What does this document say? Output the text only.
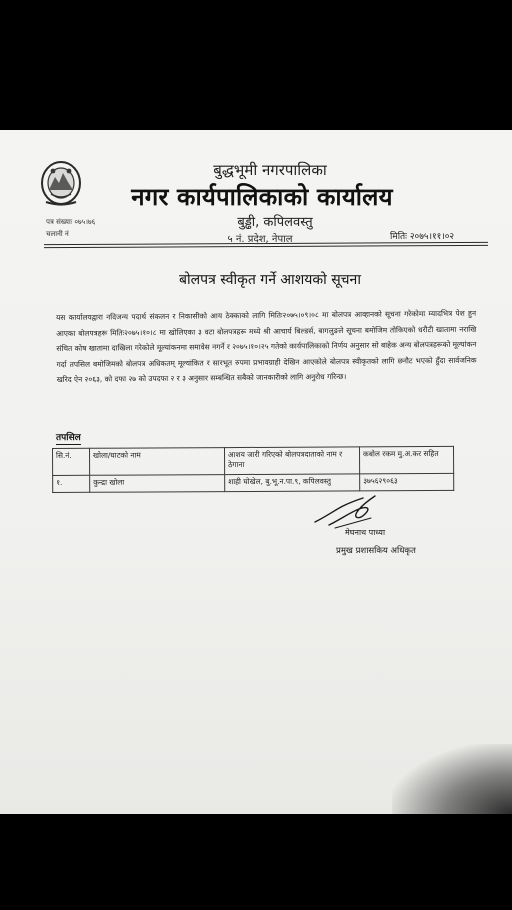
बुद्धभूमी नगरपालिका
नगर कार्यपालिकाको कार्यालय
बुड्ढी, कपिलवस्तु
५ नं. प्रदेश, नेपाल
पत्र संख्याः ०७५।७६
चलानी नं	मितिः २०७५।११।०२
बोलपत्र स्वीकृत गर्ने आशयको सूचना
यस कार्यालयद्वारा नदिजन्य पदार्थ संकलन र निकासीको आय ठेक्काको लागि मितिः२०७५।०९।०८ मा बोलपत्र आव्हानको सूचना गरेकोमा म्यादभित्र पेश हुन आएका बोलपत्रहरू मितिः२०७५।१०।८ मा खोलिएका ३ वटा बोलपत्रहरू मध्ये श्री आचार्य बिल्डर्स, बागलुङले सूचना बमोजिम तोकिएको धरौटी खातामा नराखि संचित कोष खातामा दाखिला गरेकोले मूल्यांकनमा समावेस नगर्ने र २०७५।१०।२५ गतेको कार्यपालिकाको निर्णय अनुसार सो बाहेक अन्य बोलपत्रहरूको मूल्यांकन गर्दा तपसिल बमोजिमको बोलपत्र अधिकतम् मूल्यांकित र सारभूत रुपमा प्रभावग्राही देखिन आएकोले बोलपत्र स्वीकृतको लागि छनौट भएको हुँदा सार्वजनिक खरिद ऐन २०६३, को दफा २७ को उपदफा २ र ३ अनुसार सम्बन्धित सबैको जानकारीको लागि अनुरोध गरिन्छ।
तपसिल
सि.नं.	खोला/घाटको नाम	आशय जारी गरिएको बोलपत्रदाताको नाम र ठेगाना	कबोल रकम मु.अ.कर सहित
१.	कुन्द्रा खोला	शाही घोखेल, बु.भू.न.पा.९, कपिलवस्तु	३७५६२९०६३
मेघनाथ पाध्या
प्रमुख प्रशासकिय अधिकृत
